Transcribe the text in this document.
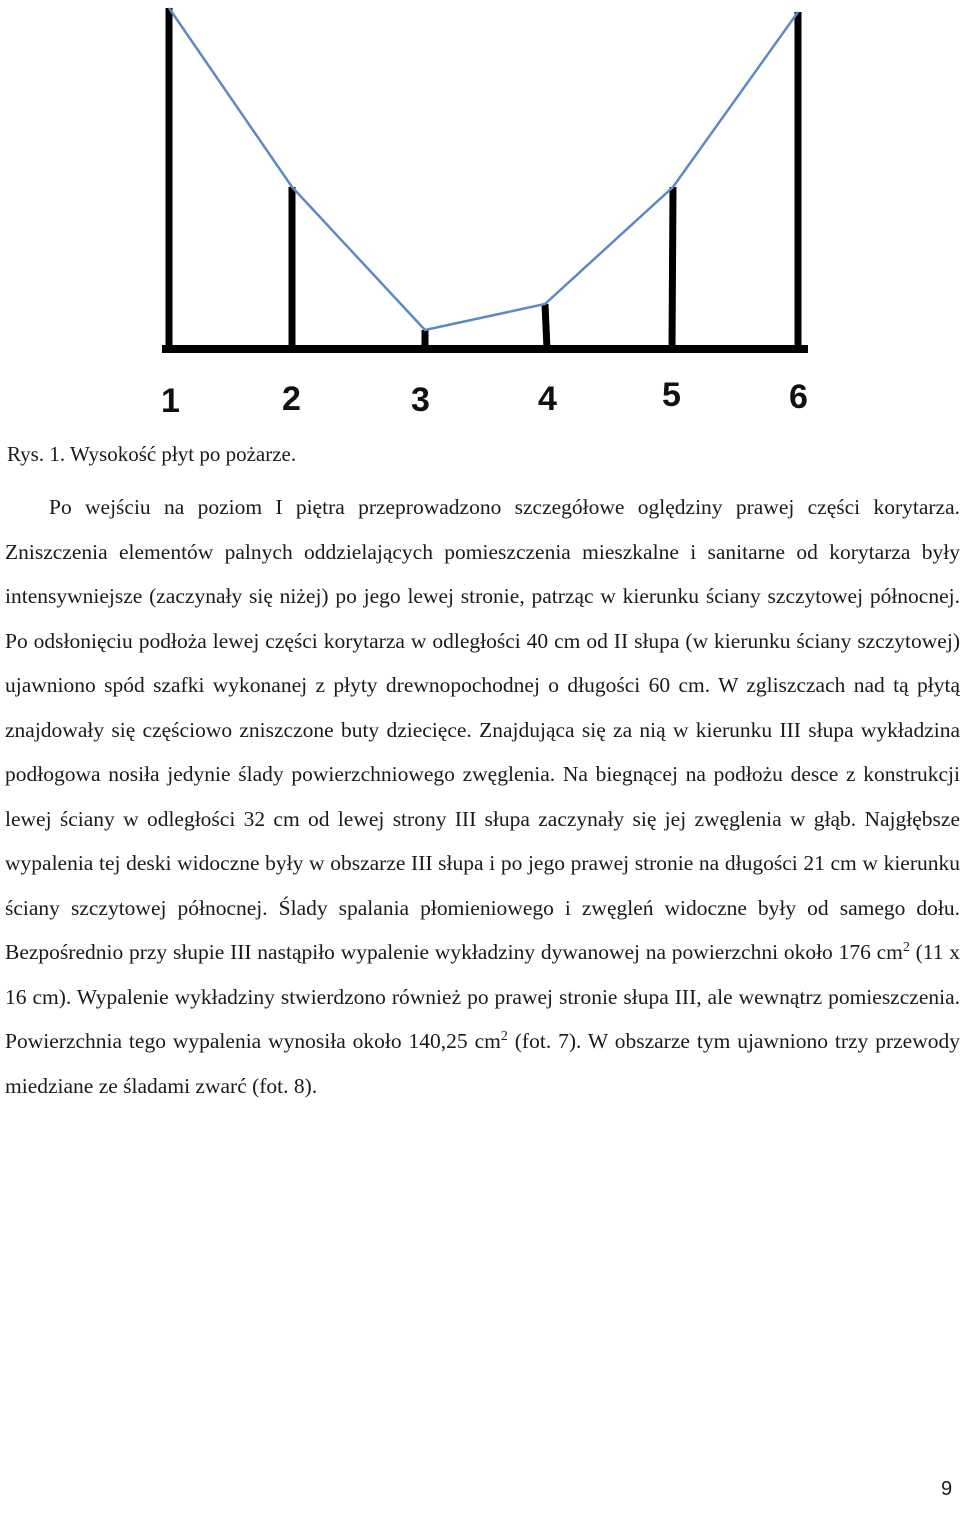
1	2	3	4	5	6

Rys. 1. Wysokość płyt po pożarze.

Po wejściu na poziom I piętra przeprowadzono szczegółowe oględziny prawej części korytarza. Zniszczenia elementów palnych oddzielających pomieszczenia mieszkalne i sanitarne od korytarza były intensywniejsze (zaczynały się niżej) po jego lewej stronie, patrząc w kierunku ściany szczytowej północnej. Po odsłonięciu podłoża lewej części korytarza w odległości 40 cm od II słupa (w kierunku ściany szczytowej) ujawniono spód szafki wykonanej z płyty drewnopochodnej o długości 60 cm. W zgliszczach nad tą płytą znajdowały się częściowo zniszczone buty dziecięce. Znajdująca się za nią w kierunku III słupa wykładzina podłogowa nosiła jedynie ślady powierzchniowego zwęglenia. Na biegnącej na podłożu desce z konstrukcji lewej ściany w odległości 32 cm od lewej strony III słupa zaczynały się jej zwęglenia w głąb. Najgłębsze wypalenia tej deski widoczne były w obszarze III słupa i po jego prawej stronie na długości 21 cm w kierunku ściany szczytowej północnej. Ślady spalania płomieniowego i zwęgleń widoczne były od samego dołu. Bezpośrednio przy słupie III nastąpiło wypalenie wykładziny dywanowej na powierzchni około 176 $cm^2$ (11 x 16 cm). Wypalenie wykładziny stwierdzono również po prawej stronie słupa III, ale wewnątrz pomieszczenia. Powierzchnia tego wypalenia wynosiła około 140,25 $cm^2$ (fot. 7). W obszarze tym ujawniono trzy przewody miedziane ze śladami zwarć (fot. 8).

9
